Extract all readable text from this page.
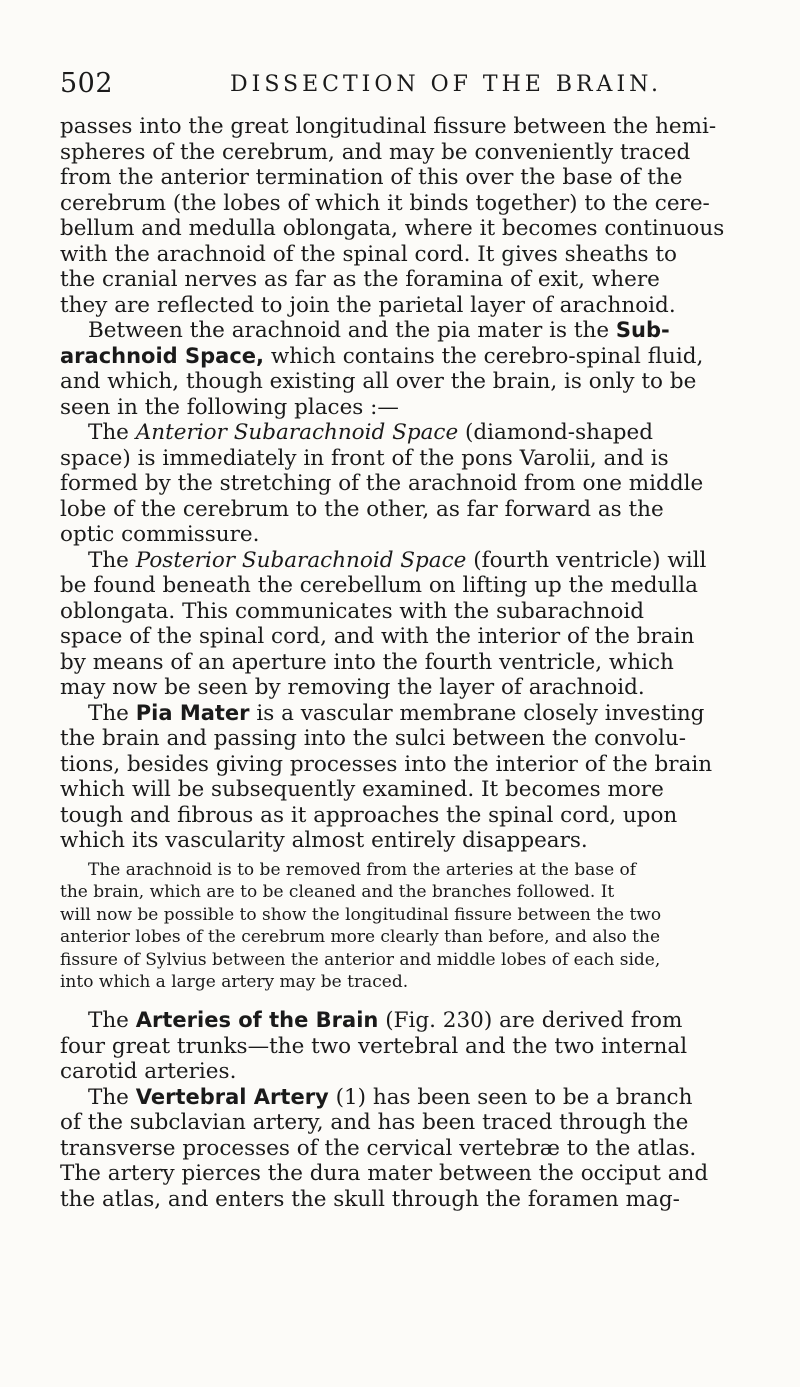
502	DISSECTION OF THE BRAIN.
passes into the great longitudinal fissure between the hemi-
spheres of the cerebrum, and may be conveniently traced
from the anterior termination of this over the base of the
cerebrum (the lobes of which it binds together) to the cere-
bellum and medulla oblongata, where it becomes continuous
with the arachnoid of the spinal cord. It gives sheaths to
the cranial nerves as far as the foramina of exit, where
they are reflected to join the parietal layer of arachnoid.
Between the arachnoid and the pia mater is the Sub-
arachnoid Space, which contains the cerebro-spinal fluid,
and which, though existing all over the brain, is only to be
seen in the following places :—
The Anterior Subarachnoid Space (diamond-shaped
space) is immediately in front of the pons Varolii, and is
formed by the stretching of the arachnoid from one middle
lobe of the cerebrum to the other, as far forward as the
optic commissure.
The Posterior Subarachnoid Space (fourth ventricle) will
be found beneath the cerebellum on lifting up the medulla
oblongata. This communicates with the subarachnoid
space of the spinal cord, and with the interior of the brain
by means of an aperture into the fourth ventricle, which
may now be seen by removing the layer of arachnoid.
The Pia Mater is a vascular membrane closely investing
the brain and passing into the sulci between the convolu-
tions, besides giving processes into the interior of the brain
which will be subsequently examined. It becomes more
tough and fibrous as it approaches the spinal cord, upon
which its vascularity almost entirely disappears.
The arachnoid is to be removed from the arteries at the base of
the brain, which are to be cleaned and the branches followed. It
will now be possible to show the longitudinal fissure between the two
anterior lobes of the cerebrum more clearly than before, and also the
fissure of Sylvius between the anterior and middle lobes of each side,
into which a large artery may be traced.
The Arteries of the Brain (Fig. 230) are derived from
four great trunks—the two vertebral and the two internal
carotid arteries.
The Vertebral Artery (1) has been seen to be a branch
of the subclavian artery, and has been traced through the
transverse processes of the cervical vertebræ to the atlas.
The artery pierces the dura mater between the occiput and
the atlas, and enters the skull through the foramen mag-
